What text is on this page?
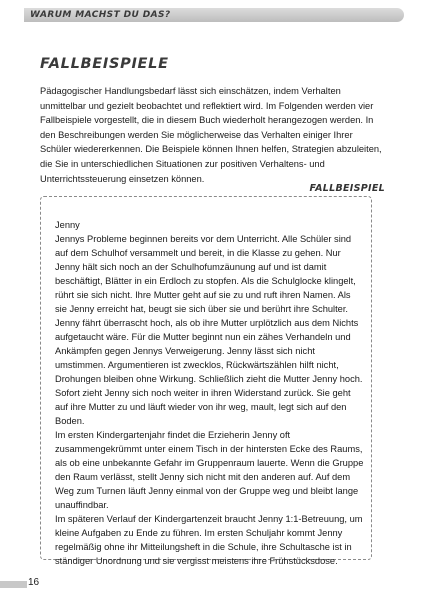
WARUM MACHST DU DAS?
FALLBEISPIELE

Pädagogischer Handlungsbedarf lässt sich einschätzen, indem Verhalten unmittelbar und gezielt beobachtet und reflektiert wird. Im Folgenden werden vier Fallbeispiele vorgestellt, die in diesem Buch wiederholt herangezogen werden. In den Beschreibungen werden Sie möglicherweise das Verhalten einiger Ihrer Schüler wiedererkennen. Die Beispiele können Ihnen helfen, Strategien abzuleiten, die Sie in unterschiedlichen Situationen zur positiven Verhaltens- und Unterrichtssteuerung einsetzen können.

FALLBEISPIEL
Jenny

Jennys Probleme beginnen bereits vor dem Unterricht. Alle Schüler sind auf dem Schulhof versammelt und bereit, in die Klasse zu gehen. Nur Jenny hält sich noch an der Schulhofumzäunung auf und ist damit beschäftigt, Blätter in ein Erdloch zu stopfen. Als die Schulglocke klingelt, rührt sie sich nicht. Ihre Mutter geht auf sie zu und ruft ihren Namen. Als sie Jenny erreicht hat, beugt sie sich über sie und berührt ihre Schulter. Jenny fährt überrascht hoch, als ob ihre Mutter urplötzlich aus dem Nichts aufgetaucht wäre. Für die Mutter beginnt nun ein zähes Verhandeln und Ankämpfen gegen Jennys Verweigerung. Jenny lässt sich nicht umstimmen. Argumentieren ist zwecklos, Rückwärtszählen hilft nicht, Drohungen bleiben ohne Wirkung. Schließlich zieht die Mutter Jenny hoch. Sofort zieht Jenny sich noch weiter in ihren Widerstand zurück. Sie geht auf ihre Mutter zu und läuft wieder von ihr weg, mault, legt sich auf den Boden.

Im ersten Kindergartenjahr findet die Erzieherin Jenny oft zusammengekrümmt unter einem Tisch in der hintersten Ecke des Raums, als ob eine unbekannte Gefahr im Gruppenraum lauerte. Wenn die Gruppe den Raum verlässt, stellt Jenny sich nicht mit den anderen auf. Auf dem Weg zum Turnen läuft Jenny einmal von der Gruppe weg und bleibt lange unauffindbar.

Im späteren Verlauf der Kindergartenzeit braucht Jenny 1:1-Betreuung, um kleine Aufgaben zu Ende zu führen. Im ersten Schuljahr kommt Jenny regelmäßig ohne ihr Mitteilungsheft in die Schule, ihre Schultasche ist in ständiger Unordnung und sie vergisst meistens ihre Frühstücksdose.

16
